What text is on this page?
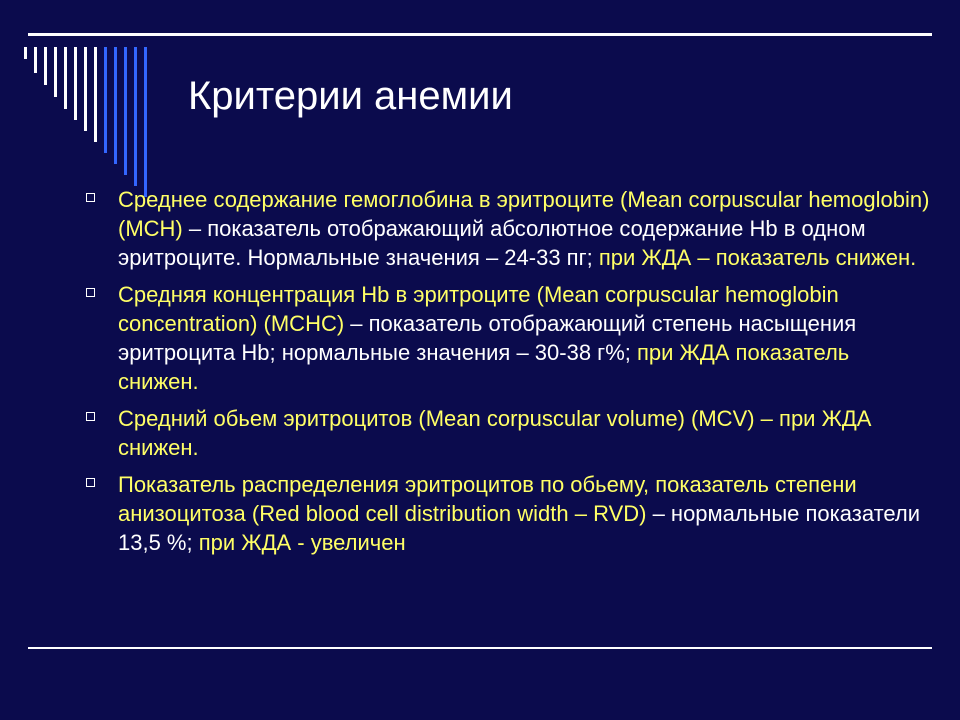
Критерии анемии
Среднее содержание гемоглобина в эритроците (Mean corpuscular hemoglobin) (MCH) – показатель отображающий абсолютное содержание Hb в одном эритроците. Нормальные значения – 24-33 пг; при ЖДА – показатель снижен.
Средняя концентрация Hb в эритроците (Mean corpuscular hemoglobin concentration) (MCHC) – показатель отображающий степень насыщения эритроцита Hb; нормальные значения – 30-38 г%; при ЖДА показатель снижен.
Средний обьем эритроцитов (Mean corpuscular volume) (MCV) – при ЖДА снижен.
Показатель распределения эритроцитов по обьему, показатель степени анизоцитоза (Red blood cell distribution width – RVD) – нормальные показатели 13,5 %; при ЖДА - увеличен
